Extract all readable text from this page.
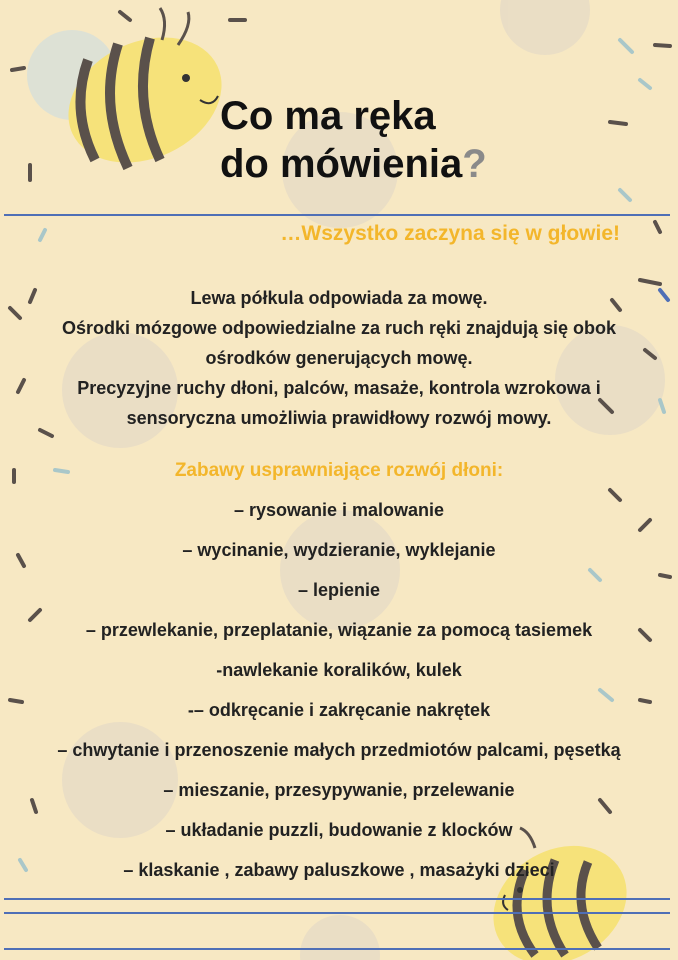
Co ma ręka
do mówienia?
…Wszystko zaczyna się w głowie!

Lewa półkula odpowiada za mowę.

Ośrodki mózgowe odpowiedzialne za ruch ręki znajdują się obok

ośrodków generujących mowę.

Precyzyjne ruchy dłoni, palców, masaże, kontrola wzrokowa i

sensoryczna umożliwia prawidłowy rozwój mowy.

Zabawy usprawniające rozwój dłoni:
– rysowanie i malowanie
– wycinanie, wydzieranie, wyklejanie
– lepienie
– przewlekanie, przeplatanie, wiązanie za pomocą tasiemek
-nawlekanie koralików, kulek
-– odkręcanie i zakręcanie nakrętek
– chwytanie i przenoszenie małych przedmiotów palcami, pęsetką
– mieszanie, przesypywanie, przelewanie
– układanie puzzli, budowanie z klocków
– klaskanie , zabawy paluszkowe , masażyki dzieci
